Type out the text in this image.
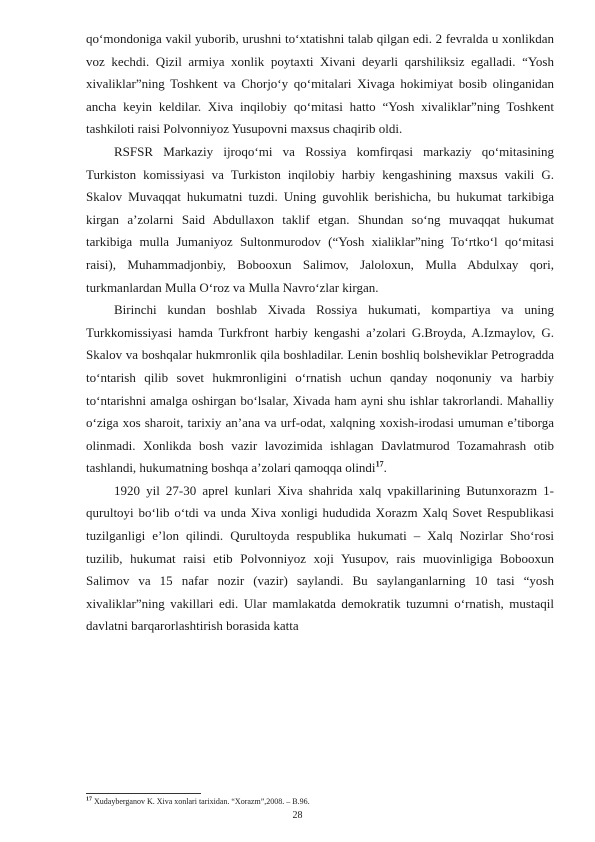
qo‘mondoniga vakil yuborib, urushni to‘xtatishni talab qilgan edi. 2 fevralda u xonlikdan voz kechdi. Qizil armiya xonlik poytaxti Xivani deyarli qarshiliksiz egalladi. “Yosh xivaliklar”ning Toshkent va Chorjo‘y qo‘mitalari Xivaga hokimiyat bosib olinganidan ancha keyin keldilar. Xiva inqilobiy qo‘mitasi hatto “Yosh xivaliklar”ning Toshkent tashkiloti raisi Polvonniyoz Yusupovni maxsus chaqirib oldi.

RSFSR Markaziy ijroqo‘mi va Rossiya komfirqasi markaziy qo‘mitasining Turkiston komissiyasi va Turkiston inqilobiy harbiy kengashining maxsus vakili G. Skalov Muvaqqat hukumatni tuzdi. Uning guvohlik berishicha, bu hukumat tarkibiga kirgan a’zolarni Said Abdullaxon taklif etgan. Shundan so‘ng muvaqqat hukumat tarkibiga mulla Jumaniyoz Sultonmurodov (“Yosh xialiklar”ning To‘rtko‘l qo‘mitasi raisi), Muhammadjonbiy, Bobooxun Salimov, Jaloloxun, Mulla Abdulxay qori, turkmanlardan Mulla O‘roz va Mulla Navro‘zlar kirgan.

Birinchi kundan boshlab Xivada Rossiya hukumati, kompartiya va uning Turkkomissiyasi hamda Turkfront harbiy kengashi a’zolari G.Broyda, A.Izmaylov, G. Skalov va boshqalar hukmronlik qila boshladilar. Lenin boshliq bolsheviklar Petrogradda to‘ntarish qilib sovet hukmronligini o‘rnatish uchun qanday noqonuniy va harbiy to‘ntarishni amalga oshirgan bo‘lsalar, Xivada ham ayni shu ishlar takrorlandi. Mahalliy o‘ziga xos sharoit, tarixiy an’ana va urf-odat, xalqning xoxish-irodasi umuman e’tiborga olinmadi. Xonlikda bosh vazir lavozimida ishlagan Davlatmurod Tozamahrash otib tashlandi, hukumatning boshqa a’zolari qamoqqa olindi$^{17}$.

1920 yil 27-30 aprel kunlari Xiva shahrida xalq vpakillarining Butunxorazm 1-qurultoyi bo‘lib o‘tdi va unda Xiva xonligi hududida Xorazm Xalq Sovet Respublikasi tuzilganligi e’lon qilindi. Qurultoyda respublika hukumati – Xalq Nozirlar Sho‘rosi tuzilib, hukumat raisi etib Polvonniyoz xoji Yusupov, rais muovinligiga Bobooxun Salimov va 15 nafar nozir (vazir) saylandi. Bu saylanganlarning 10 tasi “yosh xivaliklar”ning vakillari edi. Ular mamlakatda demokratik tuzumni o‘rnatish, mustaqil davlatni barqarorlashtirish borasida katta

$^{17}$ Xudayberganov K. Xiva xonlari tarixidan. “Xorazm”,2008. – B.96.
28
